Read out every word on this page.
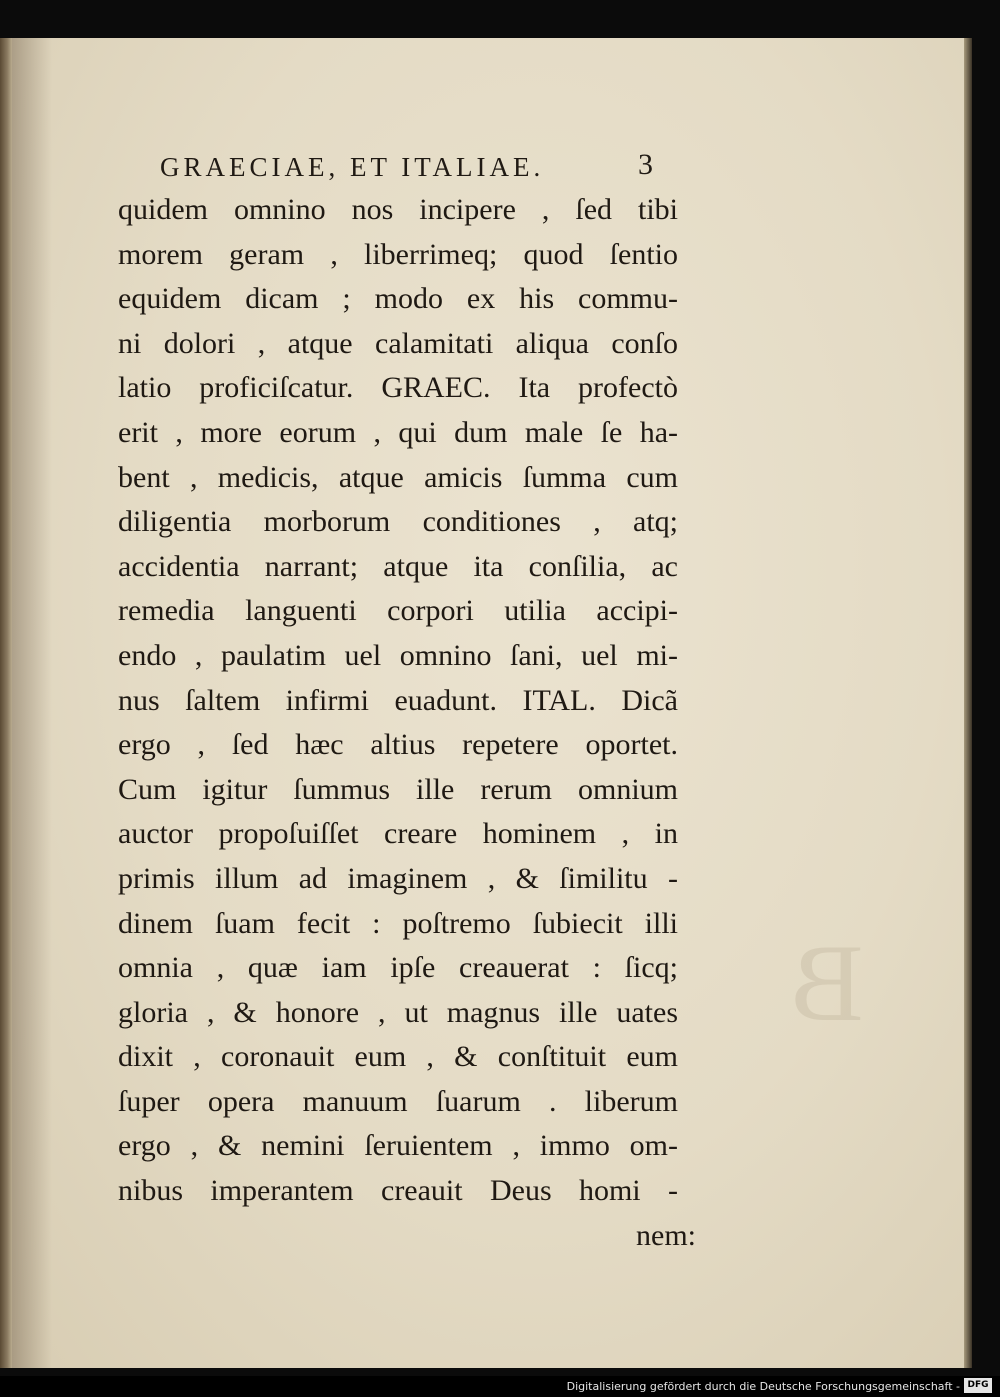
B
GRAECIAE, ET ITALIAE.	3
quidem omnino nos incipere , ſed tibi
morem geram , liberrimeq; quod ſentio
equidem dicam ; modo ex his commu-
ni dolori , atque calamitati aliqua conſo
latio proficiſcatur. GRAEC. Ita profectò
erit , more eorum , qui dum male ſe ha-
bent , medicis, atque amicis ſumma cum
diligentia morborum conditiones , atq;
accidentia narrant; atque ita conſilia, ac
remedia languenti corpori utilia accipi-
endo , paulatim uel omnino ſani, uel mi-
nus ſaltem infirmi euadunt. ITAL. Dicã
ergo , ſed hæc altius repetere oportet.
Cum igitur ſummus ille rerum omnium
auctor propoſuiſſet creare hominem , in
primis illum ad imaginem , & ſimilitu -
dinem ſuam fecit : poſtremo ſubiecit illi
omnia , quæ iam ipſe creauerat : ſicq;
gloria , & honore , ut magnus ille uates
dixit , coronauit eum , & conſtituit eum
ſuper opera manuum ſuarum . liberum
ergo , & nemini ſeruientem , immo om-
nibus imperantem creauit Deus homi -
nem:
Digitalisierung gefördert durch die Deutsche Forschungsgemeinschaft - DFG
